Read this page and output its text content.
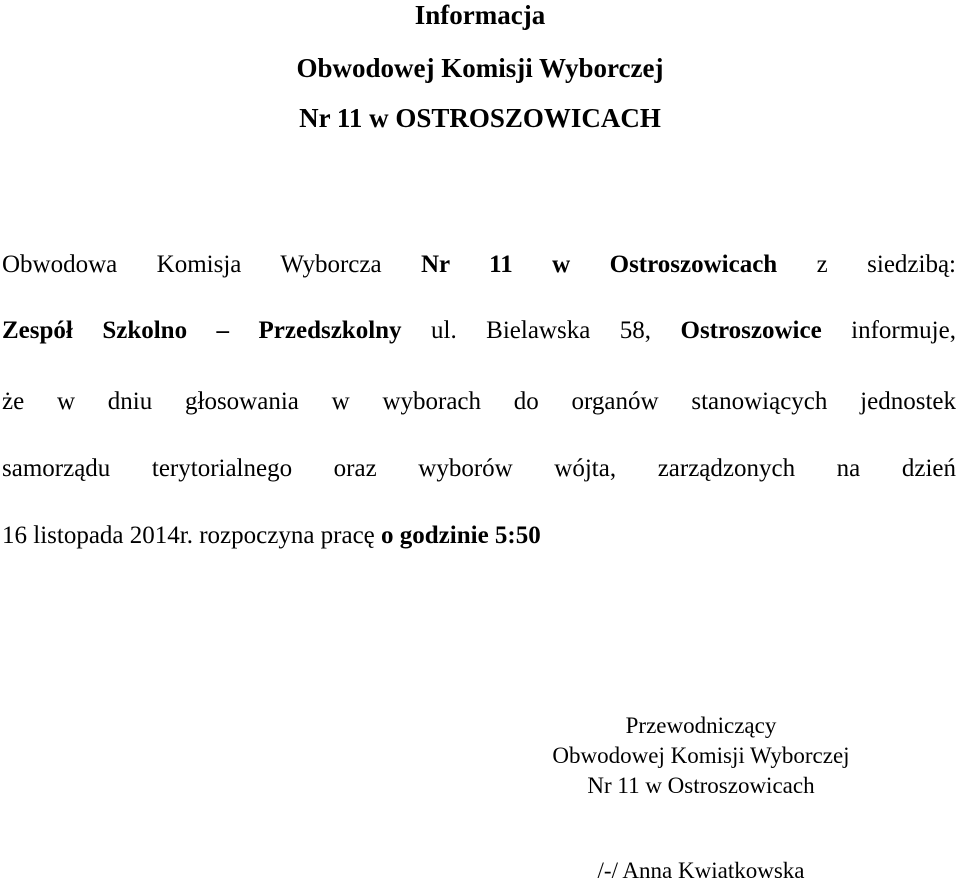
Informacja
Obwodowej Komisji Wyborczej
Nr 11 w OSTROSZOWICACH
Obwodowa Komisja Wyborcza Nr 11 w Ostroszowicach z siedzibą:
Zespół Szkolno – Przedszkolny ul. Bielawska 58, Ostroszowice informuje,
że w dniu głosowania w wyborach do organów stanowiących jednostek
samorządu terytorialnego oraz wyborów wójta, zarządzonych na dzień
16 listopada 2014r. rozpoczyna pracę o godzinie 5:50
Przewodniczący
Obwodowej Komisji Wyborczej
Nr 11 w Ostroszowicach
/-/ Anna Kwiatkowska
